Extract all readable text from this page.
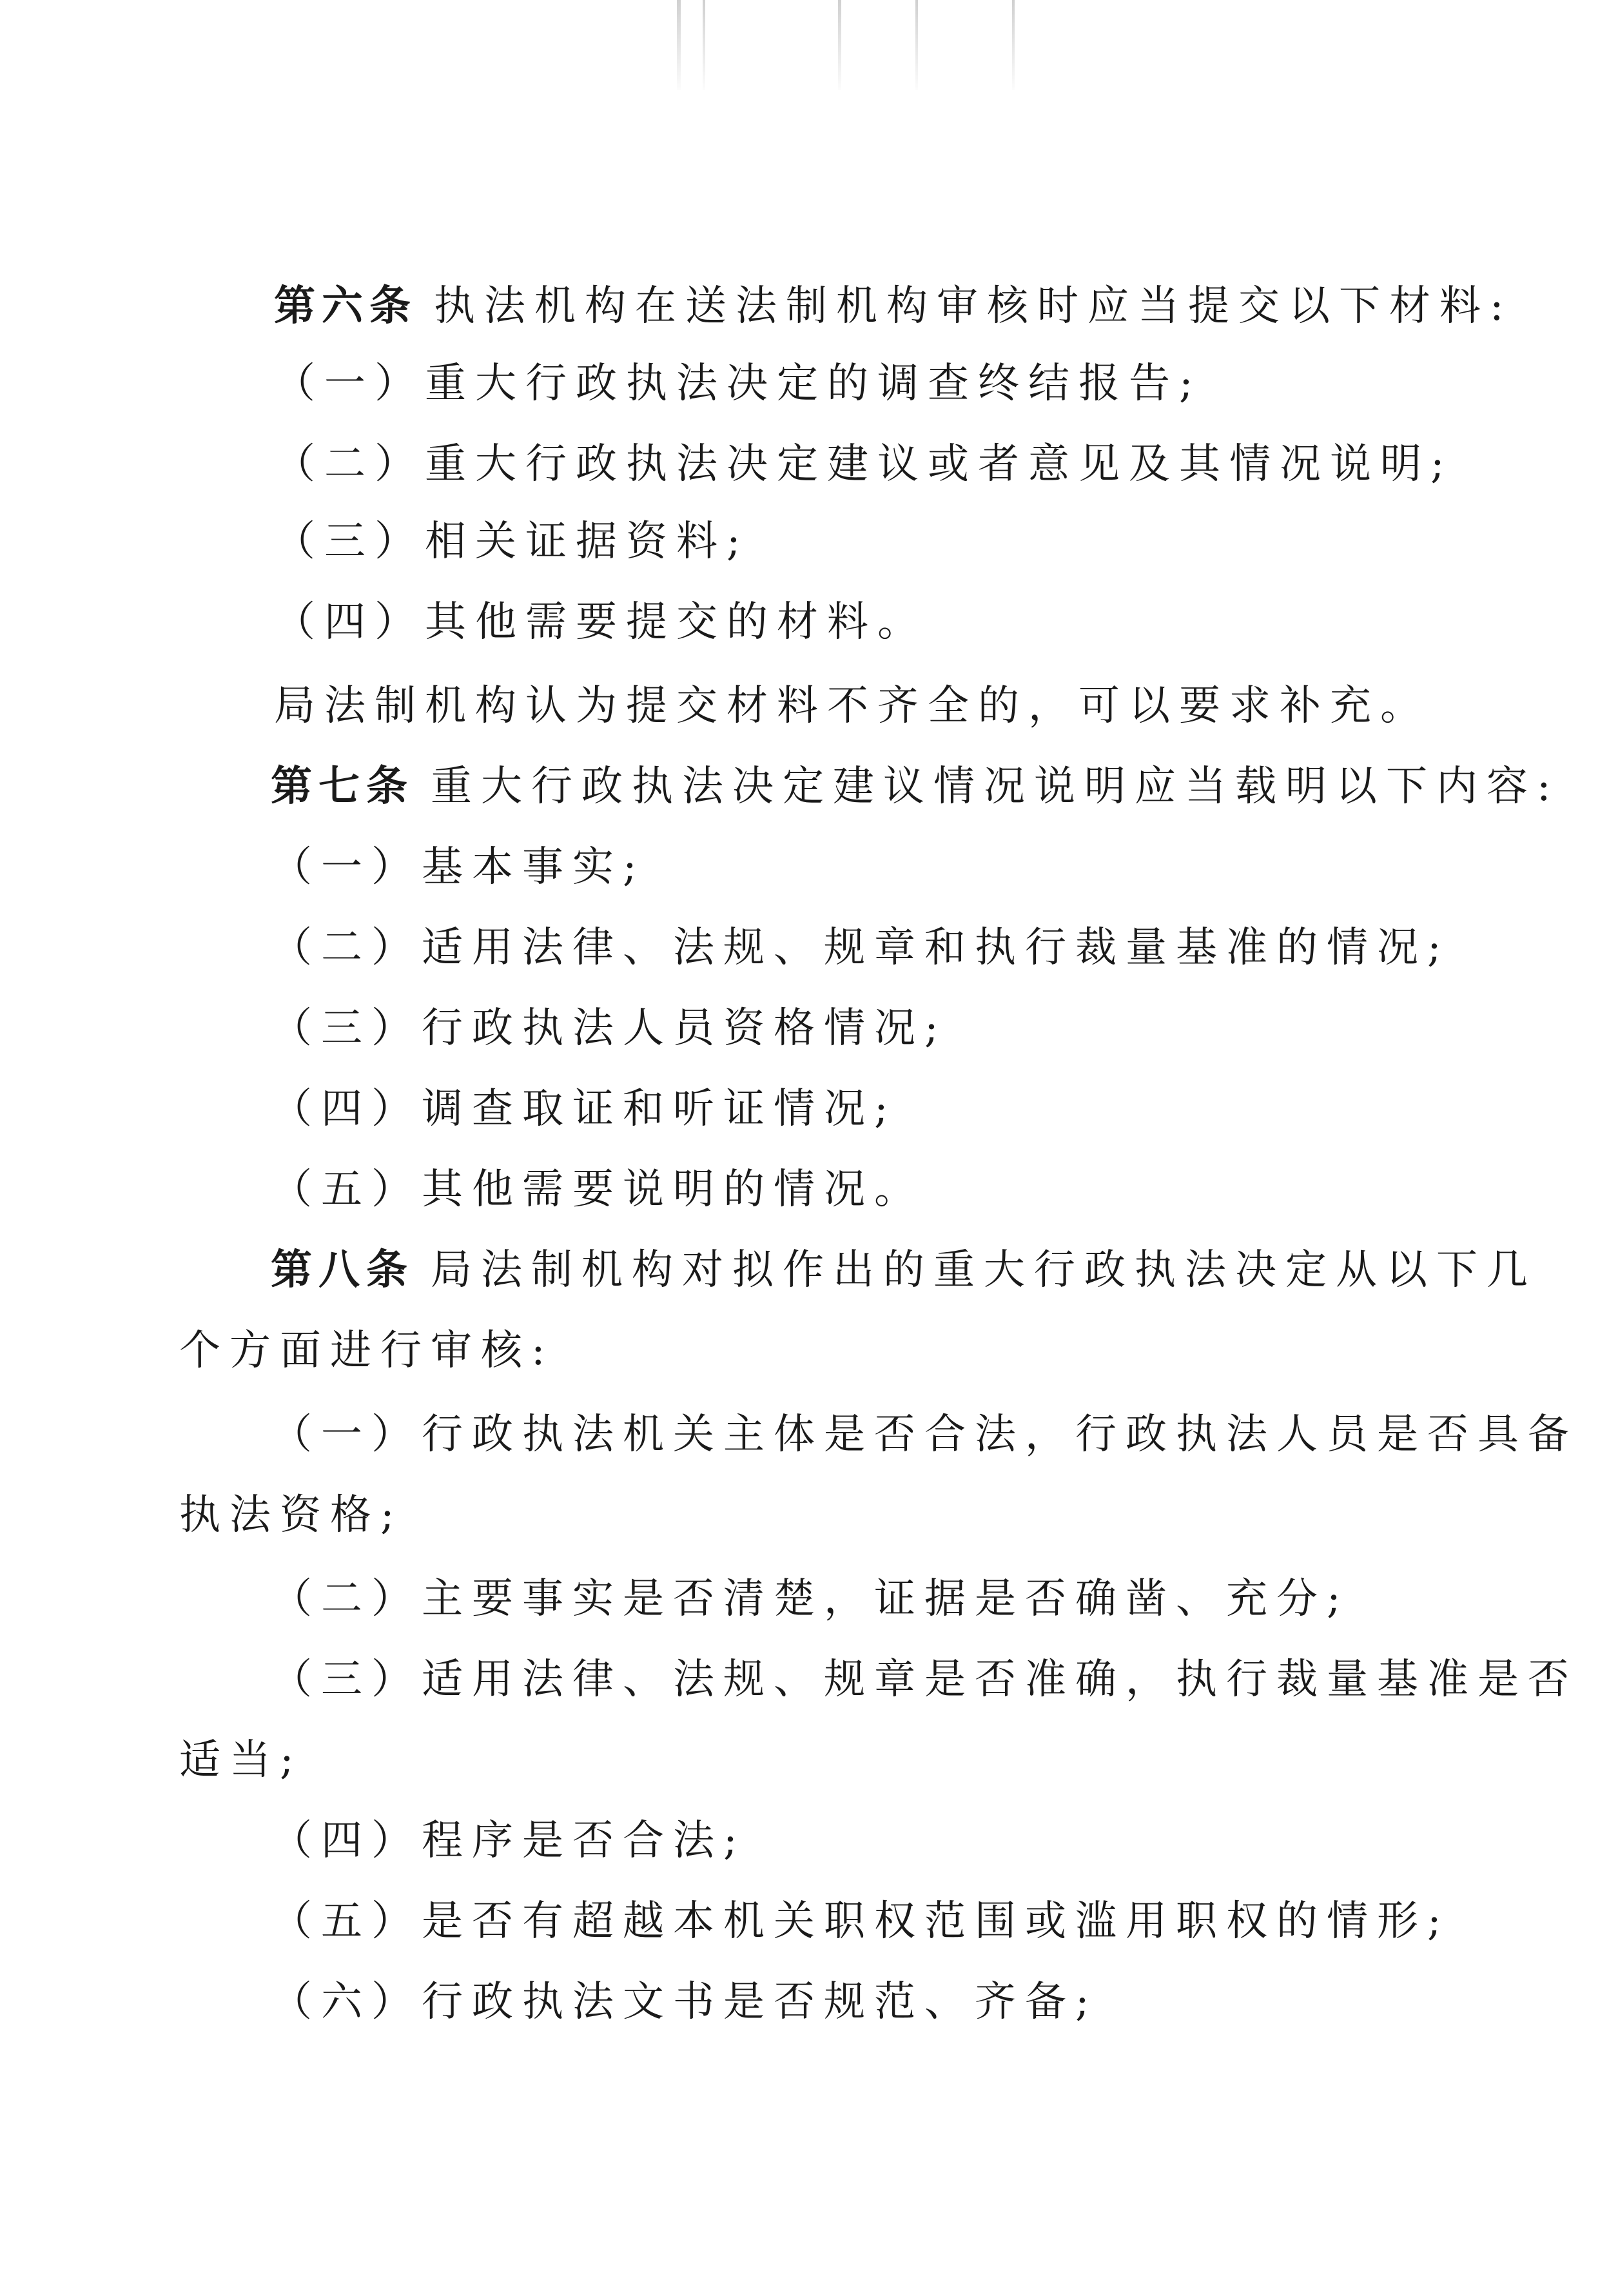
第六条 执法机构在送法制机构审核时应当提交以下材料:
（一）重大行政执法决定的调查终结报告;
（二）重大行政执法决定建议或者意见及其情况说明;
（三）相关证据资料;
（四）其他需要提交的材料。
局法制机构认为提交材料不齐全的，可以要求补充。
第七条 重大行政执法决定建议情况说明应当载明以下内容:
（一）基本事实;
（二）适用法律、法规、规章和执行裁量基准的情况;
（三）行政执法人员资格情况;
（四）调查取证和听证情况;
（五）其他需要说明的情况。
第八条 局法制机构对拟作出的重大行政执法决定从以下几
个方面进行审核:
（一）行政执法机关主体是否合法，行政执法人员是否具备
执法资格;
（二）主要事实是否清楚，证据是否确凿、充分;
（三）适用法律、法规、规章是否准确，执行裁量基准是否
适当;
（四）程序是否合法;
（五）是否有超越本机关职权范围或滥用职权的情形;
（六）行政执法文书是否规范、齐备;
